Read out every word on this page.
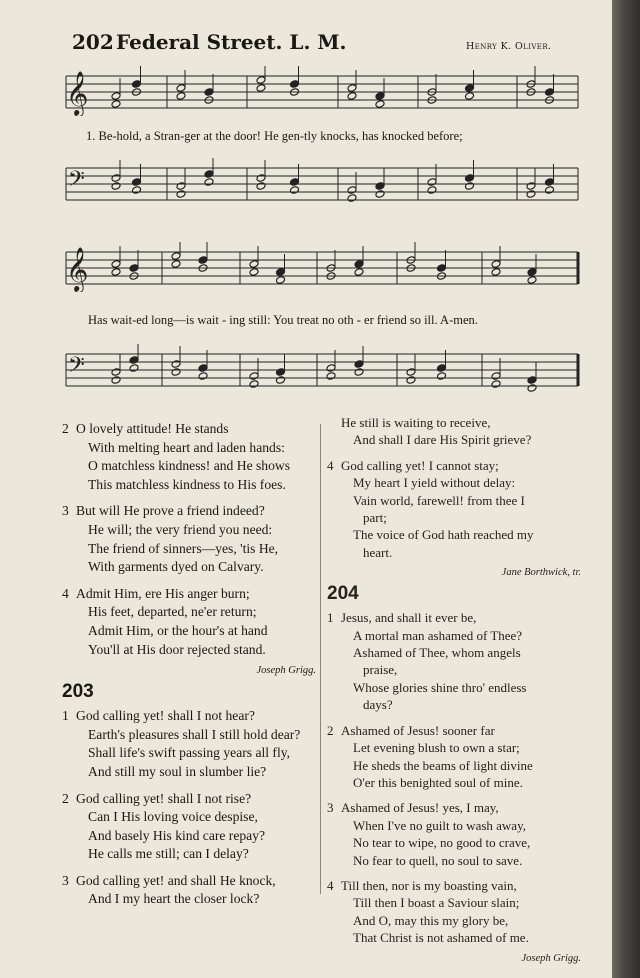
202 Federal Street. L. M.	Henry K. Oliver.
𝄞
1. Be-hold, a Stran-ger at the door! He gen-tly knocks, has knocked before;
𝄢
𝄞
Has wait-ed long—is wait - ing still: You treat no oth - er friend so ill. A-men.
𝄢
2 O lovely attitude! He stands
With melting heart and laden hands:
O matchless kindness! and He shows
This matchless kindness to His foes.
3 But will He prove a friend indeed?
He will; the very friend you need:
The friend of sinners—yes, 'tis He,
With garments dyed on Calvary.
4 Admit Him, ere His anger burn;
His feet, departed, ne'er return;
Admit Him, or the hour's at hand
You'll at His door rejected stand.
Joseph Grigg.
203
1 God calling yet! shall I not hear?
Earth's pleasures shall I still hold dear?
Shall life's swift passing years all fly,
And still my soul in slumber lie?
2 God calling yet! shall I not rise?
Can I His loving voice despise,
And basely His kind care repay?
He calls me still; can I delay?
3 God calling yet! and shall He knock,
And I my heart the closer lock?
He still is waiting to receive,
And shall I dare His Spirit grieve?
4 God calling yet! I cannot stay;
My heart I yield without delay:
Vain world, farewell! from thee I
part;
The voice of God hath reached my
heart.
Jane Borthwick, tr.
204
1 Jesus, and shall it ever be,
A mortal man ashamed of Thee?
Ashamed of Thee, whom angels
praise,
Whose glories shine thro' endless
days?
2 Ashamed of Jesus! sooner far
Let evening blush to own a star;
He sheds the beams of light divine
O'er this benighted soul of mine.
3 Ashamed of Jesus! yes, I may,
When I've no guilt to wash away,
No tear to wipe, no good to crave,
No fear to quell, no soul to save.
4 Till then, nor is my boasting vain,
Till then I boast a Saviour slain;
And O, may this my glory be,
That Christ is not ashamed of me.
Joseph Grigg.
